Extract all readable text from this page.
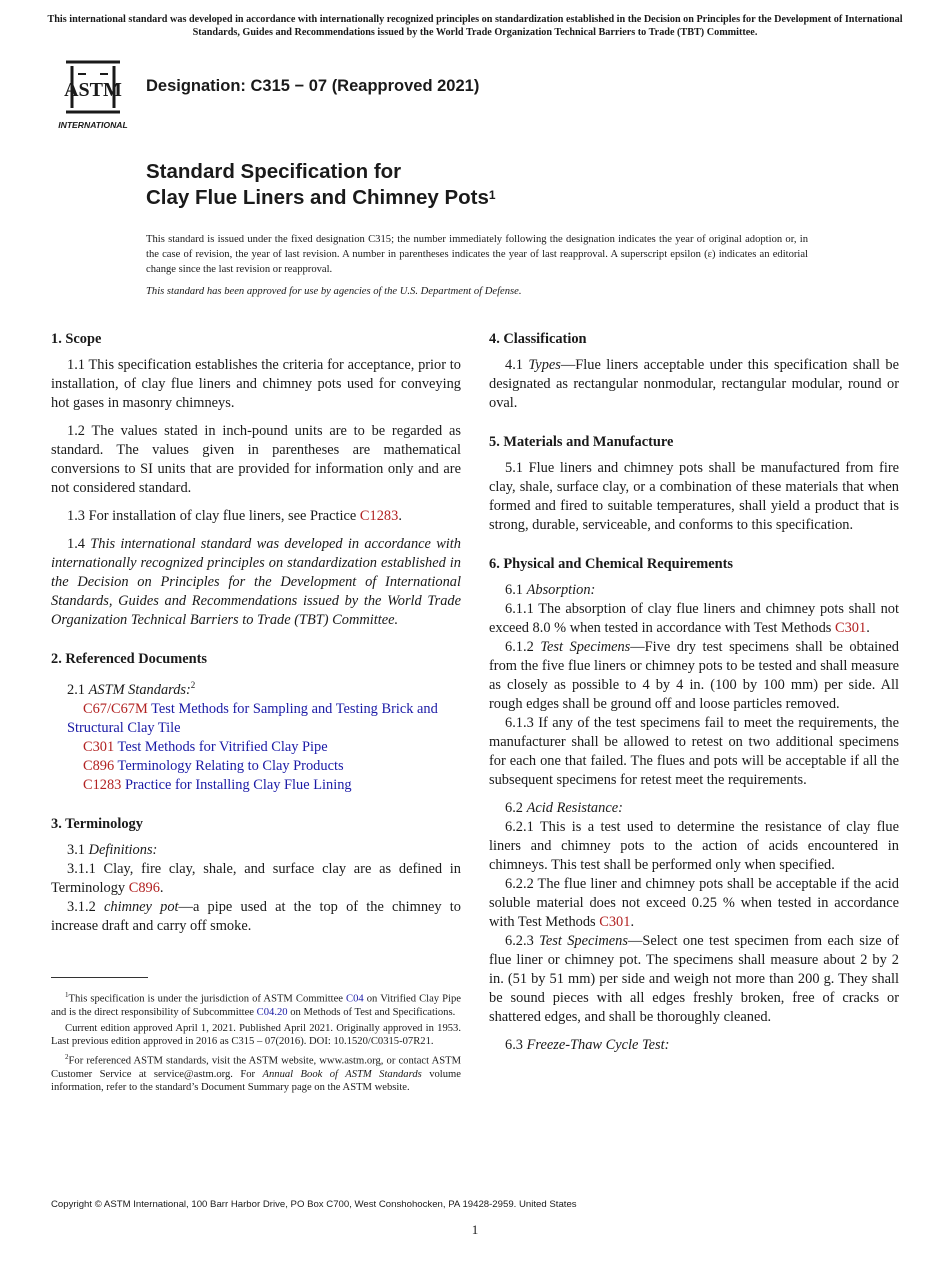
This international standard was developed in accordance with internationally recognized principles on standardization established in the Decision on Principles for the Development of International Standards, Guides and Recommendations issued by the World Trade Organization Technical Barriers to Trade (TBT) Committee.
ASTM
INTERNATIONAL
Designation: C315 − 07 (Reapproved 2021)
Standard Specification for
Clay Flue Liners and Chimney Pots$^1$
This standard is issued under the fixed designation C315; the number immediately following the designation indicates the year of original adoption or, in the case of revision, the year of last revision. A number in parentheses indicates the year of last reapproval. A superscript epsilon (ε) indicates an editorial change since the last revision or reapproval.
This standard has been approved for use by agencies of the U.S. Department of Defense.
1. Scope

1.1 This specification establishes the criteria for acceptance, prior to installation, of clay flue liners and chimney pots used for conveying hot gases in masonry chimneys.

1.2 The values stated in inch-pound units are to be regarded as standard. The values given in parentheses are mathematical conversions to SI units that are provided for information only and are not considered standard.

1.3 For installation of clay flue liners, see Practice C1283.

1.4 This international standard was developed in accordance with internationally recognized principles on standardization established in the Decision on Principles for the Development of International Standards, Guides and Recommendations issued by the World Trade Organization Technical Barriers to Trade (TBT) Committee.

2. Referenced Documents

2.1 ASTM Standards:$^2$

C67/C67M Test Methods for Sampling and Testing Brick and Structural Clay Tile

C301 Test Methods for Vitrified Clay Pipe

C896 Terminology Relating to Clay Products

C1283 Practice for Installing Clay Flue Lining

3. Terminology

3.1 Definitions:

3.1.1 Clay, fire clay, shale, and surface clay are as defined in Terminology C896.

3.1.2 chimney pot—a pipe used at the top of the chimney to increase draft and carry off smoke.

4. Classification

4.1 Types—Flue liners acceptable under this specification shall be designated as rectangular nonmodular, rectangular modular, round or oval.

5. Materials and Manufacture

5.1 Flue liners and chimney pots shall be manufactured from fire clay, shale, surface clay, or a combination of these materials that when formed and fired to suitable temperatures, shall yield a product that is strong, durable, serviceable, and conforms to this specification.

6. Physical and Chemical Requirements

6.1 Absorption:

6.1.1 The absorption of clay flue liners and chimney pots shall not exceed 8.0 % when tested in accordance with Test Methods C301.

6.1.2 Test Specimens—Five dry test specimens shall be obtained from the five flue liners or chimney pots to be tested and shall measure as closely as possible to 4 by 4 in. (100 by 100 mm) per side. All rough edges shall be ground off and loose particles removed.

6.1.3 If any of the test specimens fail to meet the requirements, the manufacturer shall be allowed to retest on two additional specimens for each one that failed. The flues and pots will be acceptable if all the subsequent specimens for retest meet the requirements.

6.2 Acid Resistance:

6.2.1 This is a test used to determine the resistance of clay flue liners and chimney pots to the action of acids encountered in chimneys. This test shall be performed only when specified.

6.2.2 The flue liner and chimney pots shall be acceptable if the acid soluble material does not exceed 0.25 % when tested in accordance with Test Methods C301.

6.2.3 Test Specimens—Select one test specimen from each size of flue liner or chimney pot. The specimens shall measure about 2 by 2 in. (51 by 51 mm) per side and weigh not more than 200 g. They shall be sound pieces with all edges freshly broken, free of cracks or shattered edges, and shall be thoroughly cleaned.

6.3 Freeze-Thaw Cycle Test:

$^1$This specification is under the jurisdiction of ASTM Committee C04 on Vitrified Clay Pipe and is the direct responsibility of Subcommittee C04.20 on Methods of Test and Specifications.

Current edition approved April 1, 2021. Published April 2021. Originally approved in 1953. Last previous edition approved in 2016 as C315 – 07(2016). DOI: 10.1520/C0315-07R21.

$^2$For referenced ASTM standards, visit the ASTM website, www.astm.org, or contact ASTM Customer Service at service@astm.org. For Annual Book of ASTM Standards volume information, refer to the standard’s Document Summary page on the ASTM website.

Copyright © ASTM International, 100 Barr Harbor Drive, PO Box C700, West Conshohocken, PA 19428-2959. United States
1
